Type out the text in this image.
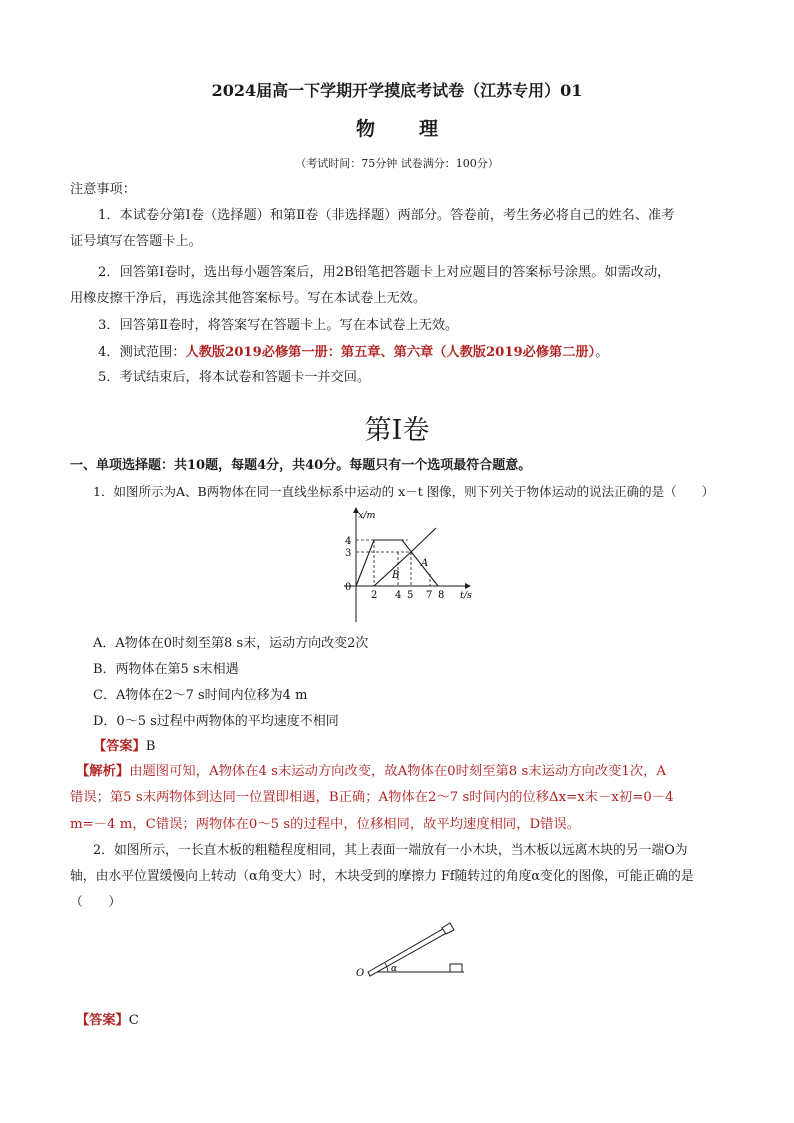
2024届高一下学期开学摸底考试卷（江苏专用）01
物理
（考试时间：75分钟 试卷满分：100分）
注意事项：
1．本试卷分第Ⅰ卷（选择题）和第Ⅱ卷（非选择题）两部分。答卷前，考生务必将自己的姓名、准考
证号填写在答题卡上。
2．回答第Ⅰ卷时，选出每小题答案后，用2B铅笔把答题卡上对应题目的答案标号涂黑。如需改动，
用橡皮擦干净后，再选涂其他答案标号。写在本试卷上无效。
3．回答第Ⅱ卷时，将答案写在答题卡上。写在本试卷上无效。
4．测试范围：人教版2019必修第一册：第五章、第六章（人教版2019必修第二册）。
5．考试结束后，将本试卷和答题卡一并交回。
第Ⅰ卷
一、单项选择题：共10题，每题4分，共40分。每题只有一个选项最符合题意。
1．如图所示为A、B两物体在同一直线坐标系中运动的 x－t 图像，则下列关于物体运动的说法正确的是（　　）
x/m
t/s
4
3
0
2 4 5 7 8
A
B
A．A物体在0时刻至第8 s末，运动方向改变2次
B．两物体在第5 s末相遇
C．A物体在2～7 s时间内位移为4 m
D．0～5 s过程中两物体的平均速度不相同
【答案】B
【解析】由题图可知，A物体在4 s末运动方向改变，故A物体在0时刻至第8 s末运动方向改变1次，A
错误；第5 s末两物体到达同一位置即相遇，B正确；A物体在2～7 s时间内的位移Δx=x末－x初=0－4
m=－4 m，C错误；两物体在0～5 s的过程中，位移相同，故平均速度相同，D错误。
2．如图所示，一长直木板的粗糙程度相同，其上表面一端放有一小木块，当木板以远离木块的另一端O为
轴，由水平位置缓慢向上转动（α角变大）时，木块受到的摩擦力 Ff随转过的角度α变化的图像，可能正确的是
（　　）
O	α
【答案】C
